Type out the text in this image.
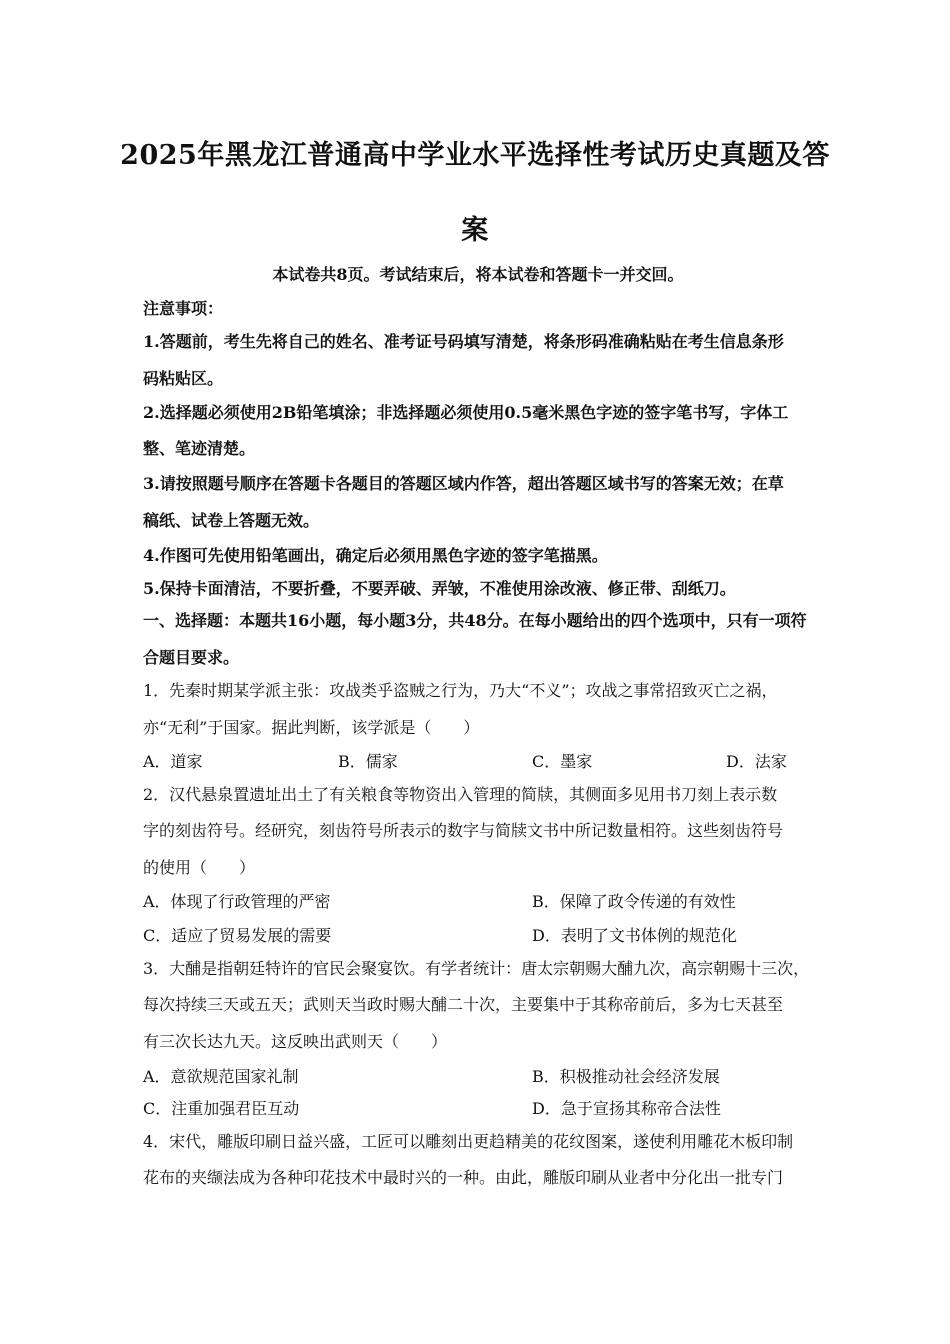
2025年黑龙江普通高中学业水平选择性考试历史真题及答
案
本试卷共8页。考试结束后，将本试卷和答题卡一并交回。
注意事项：
1.答题前，考生先将自己的姓名、准考证号码填写清楚，将条形码准确粘贴在考生信息条形
码粘贴区。
2.选择题必须使用2B铅笔填涂；非选择题必须使用0.5毫米黑色字迹的签字笔书写，字体工
整、笔迹清楚。
3.请按照题号顺序在答题卡各题目的答题区域内作答，超出答题区域书写的答案无效；在草
稿纸、试卷上答题无效。
4.作图可先使用铅笔画出，确定后必须用黑色字迹的签字笔描黑。
5.保持卡面清洁，不要折叠，不要弄破、弄皱，不准使用涂改液、修正带、刮纸刀。
一、选择题：本题共16小题，每小题3分，共48分。在每小题给出的四个选项中，只有一项符
合题目要求。
1．先秦时期某学派主张：攻战类乎盗贼之行为，乃大“不义”；攻战之事常招致灭亡之祸，
亦“无利”于国家。据此判断，该学派是（　　）
A．道家	B．儒家	C．墨家	D．法家
2．汉代悬泉置遗址出土了有关粮食等物资出入管理的简牍，其侧面多见用书刀刻上表示数
字的刻齿符号。经研究，刻齿符号所表示的数字与简牍文书中所记数量相符。这些刻齿符号
的使用（　　）
A．体现了行政管理的严密	B．保障了政令传递的有效性
C．适应了贸易发展的需要	D．表明了文书体例的规范化
3．大酺是指朝廷特许的官民会聚宴饮。有学者统计：唐太宗朝赐大酺九次，高宗朝赐十三次，
每次持续三天或五天；武则天当政时赐大酺二十次，主要集中于其称帝前后，多为七天甚至
有三次长达九天。这反映出武则天（　　）
A．意欲规范国家礼制	B．积极推动社会经济发展
C．注重加强君臣互动	D．急于宣扬其称帝合法性
4．宋代，雕版印刷日益兴盛，工匠可以雕刻出更趋精美的花纹图案，遂使利用雕花木板印制
花布的夹缬法成为各种印花技术中最时兴的一种。由此，雕版印刷从业者中分化出一批专门
